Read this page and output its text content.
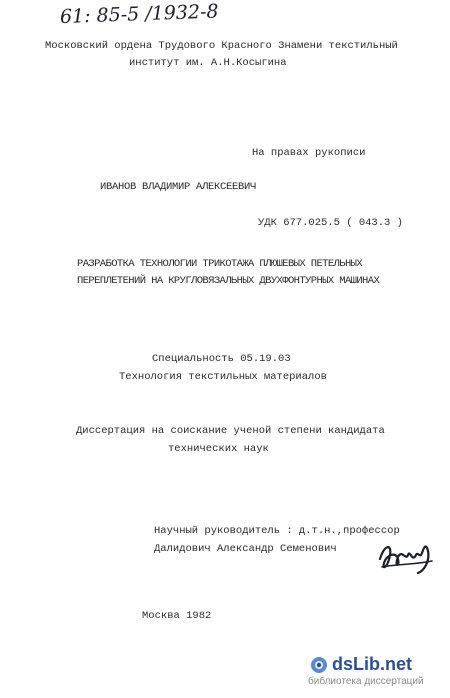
61: 85-5 /1932-8
Московский ордена Трудового Красного Знамени текстильный
институт им. А.Н.Косыгина
На правах рукописи
ИВАНОВ ВЛАДИМИР АЛЕКСЕЕВИЧ
УДК 677.025.5 ( 043.3 )
РАЗРАБОТКА ТЕХНОЛОГИИ ТРИКОТАЖА ПЛЮШЕВЫХ ПЕТЕЛЬНЫХ
ПЕРЕПЛЕТЕНИЙ НА КРУГЛОВЯЗАЛЬНЫХ ДВУХФОНТУРНЫХ МАШИНАХ
Специальность 05.19.03
Технология текстильных материалов
Диссертация на соискание ученой степени кандидата
технических наук
Научный руководитель : д.т.н.,профессор
Далидович Александр Семенович
Москва 1982
dsLib.net
библиотека диссертаций
